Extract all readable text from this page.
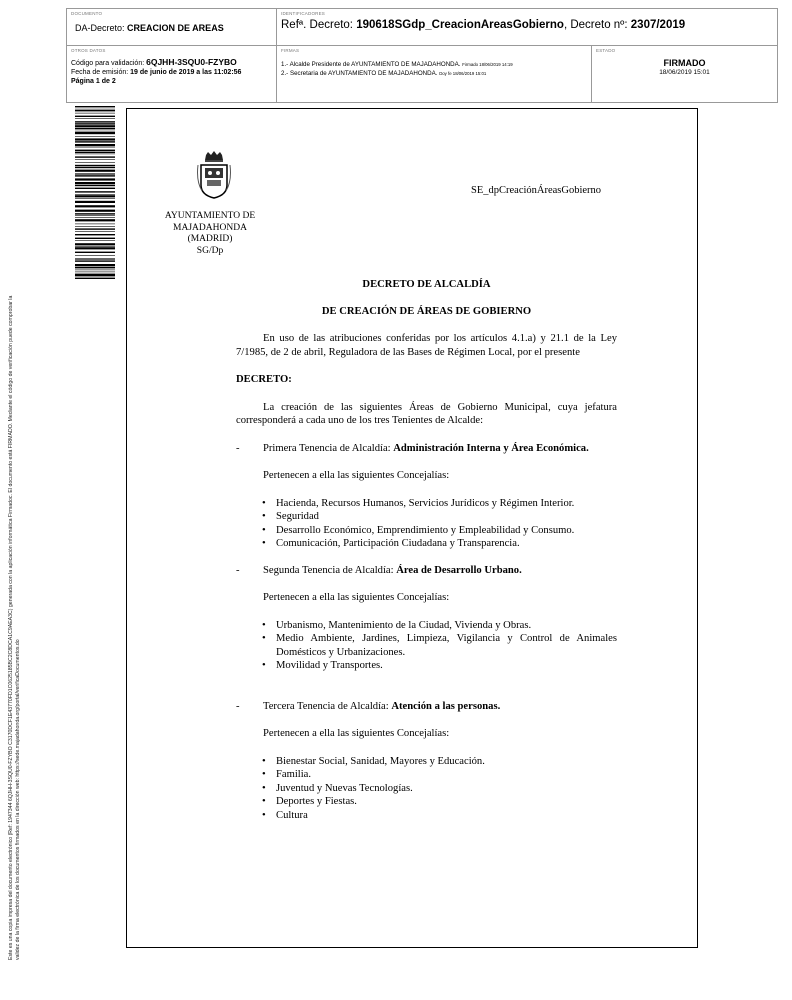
DOCUMENTO
DA-Decreto: CREACION DE AREAS
IDENTIFICADORES
Refª. Decreto: 190618SGdp_CreacionAreasGobierno, Decreto nº: 2307/2019
OTROS DATOS
Código para validación: 6QJHH-3SQU0-FZYBO
Fecha de emisión: 19 de junio de 2019 a las 11:02:56
Página 1 de 2
FIRMAS
1.- Alcalde Presidente de AYUNTAMIENTO DE MAJADAHONDA. Firmado 18/06/2019 14:19
2.- Secretaria de AYUNTAMIENTO DE MAJADAHONDA. Doy fe 18/06/2019 15:01
ESTADO
FIRMADO
18/06/2019 15:01
Este es una copia impresa del documento electrónico (Ref: 1947344 6QJHH-3SQU0-FZYBO C3170DCF1E43770FD1C0625185BC2C8DCA1C9AEA3C) generada con la aplicación informática Firmadoc. El documento está FIRMADO. Mediante el código de verificación puede comprobar la validez de la firma electrónica de los documentos firmados en la dirección web: https://sede.majadahonda.org/portal/verificaDocumentos.do
AYUNTAMIENTO DE
MAJADAHONDA
(MADRID)
SG/Dp
SE_dpCreaciónÁreasGobierno

DECRETO DE ALCALDÍA

DE CREACIÓN DE ÁREAS DE GOBIERNO

En uso de las atribuciones conferidas por los artículos 4.1.a) y 21.1 de la Ley 7/1985, de 2 de abril, Reguladora de las Bases de Régimen Local, por el presente

DECRETO:

La creación de las siguientes Áreas de Gobierno Municipal, cuya jefatura corresponderá a cada uno de los tres Tenientes de Alcalde:

- Primera Tenencia de Alcaldía: Administración Interna y Área Económica.

Pertenecen a ella las siguientes Concejalías:

• Hacienda, Recursos Humanos, Servicios Jurídicos y Régimen Interior.
• Seguridad
• Desarrollo Económico, Emprendimiento y Empleabilidad y Consumo.
• Comunicación, Participación Ciudadana y Transparencia.
- Segunda Tenencia de Alcaldía: Área de Desarrollo Urbano.

Pertenecen a ella las siguientes Concejalías:

• Urbanismo, Mantenimiento de la Ciudad, Vivienda y Obras.
• Medio Ambiente, Jardines, Limpieza, Vigilancia y Control de Animales Domésticos y Urbanizaciones.
• Movilidad y Transportes.
- Tercera Tenencia de Alcaldía: Atención a las personas.

Pertenecen a ella las siguientes Concejalías:

• Bienestar Social, Sanidad, Mayores y Educación.
• Familia.
• Juventud y Nuevas Tecnologías.
• Deportes y Fiestas.
• Cultura
